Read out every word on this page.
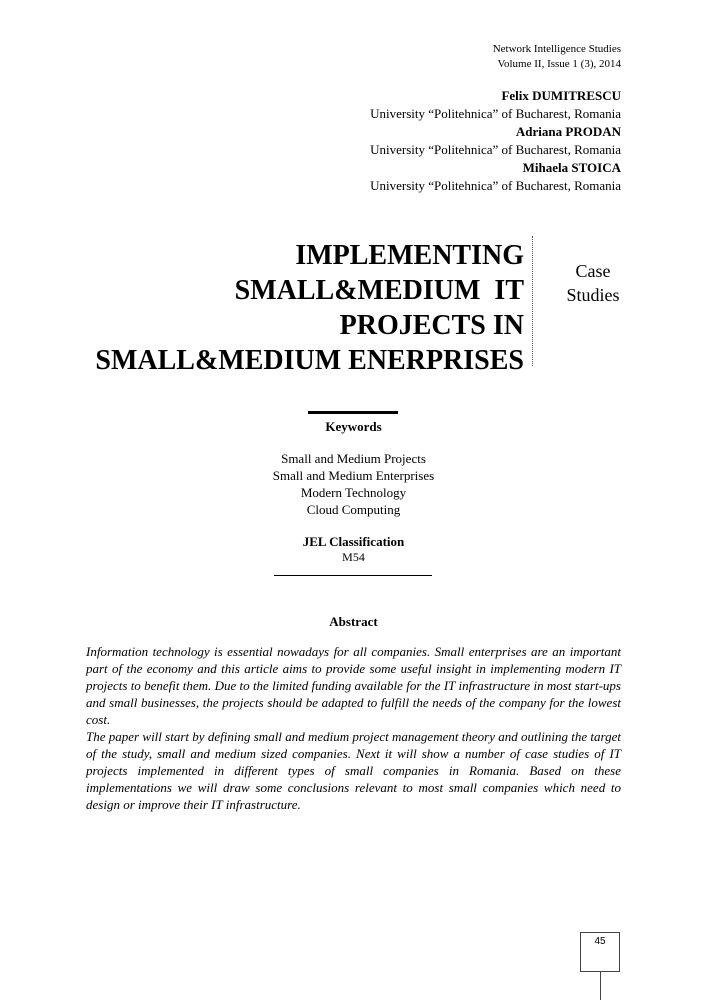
Network Intelligence Studies
Volume II, Issue 1 (3), 2014
Felix DUMITRESCU
University “Politehnica” of Bucharest, Romania
Adriana PRODAN
University “Politehnica” of Bucharest, Romania
Mihaela STOICA
University “Politehnica” of Bucharest, Romania
IMPLEMENTING
SMALL&MEDIUM  IT
PROJECTS IN
SMALL&MEDIUM ENERPRISES
Case
Studies
Keywords
Small and Medium Projects
Small and Medium Enterprises
Modern Technology
Cloud Computing
JEL Classification
M54
Abstract

Information technology is essential nowadays for all companies. Small enterprises are an important part of the economy and this article aims to provide some useful insight in implementing modern IT projects to benefit them. Due to the limited funding available for the IT infrastructure in most start-ups and small businesses, the projects should be adapted to fulfill the needs of the company for the lowest cost.

The paper will start by defining small and medium project management theory and outlining the target of the study, small and medium sized companies. Next it will show a number of case studies of IT projects implemented in different types of small companies in Romania. Based on these implementations we will draw some conclusions relevant to most small companies which need to design or improve their IT infrastructure.

45
